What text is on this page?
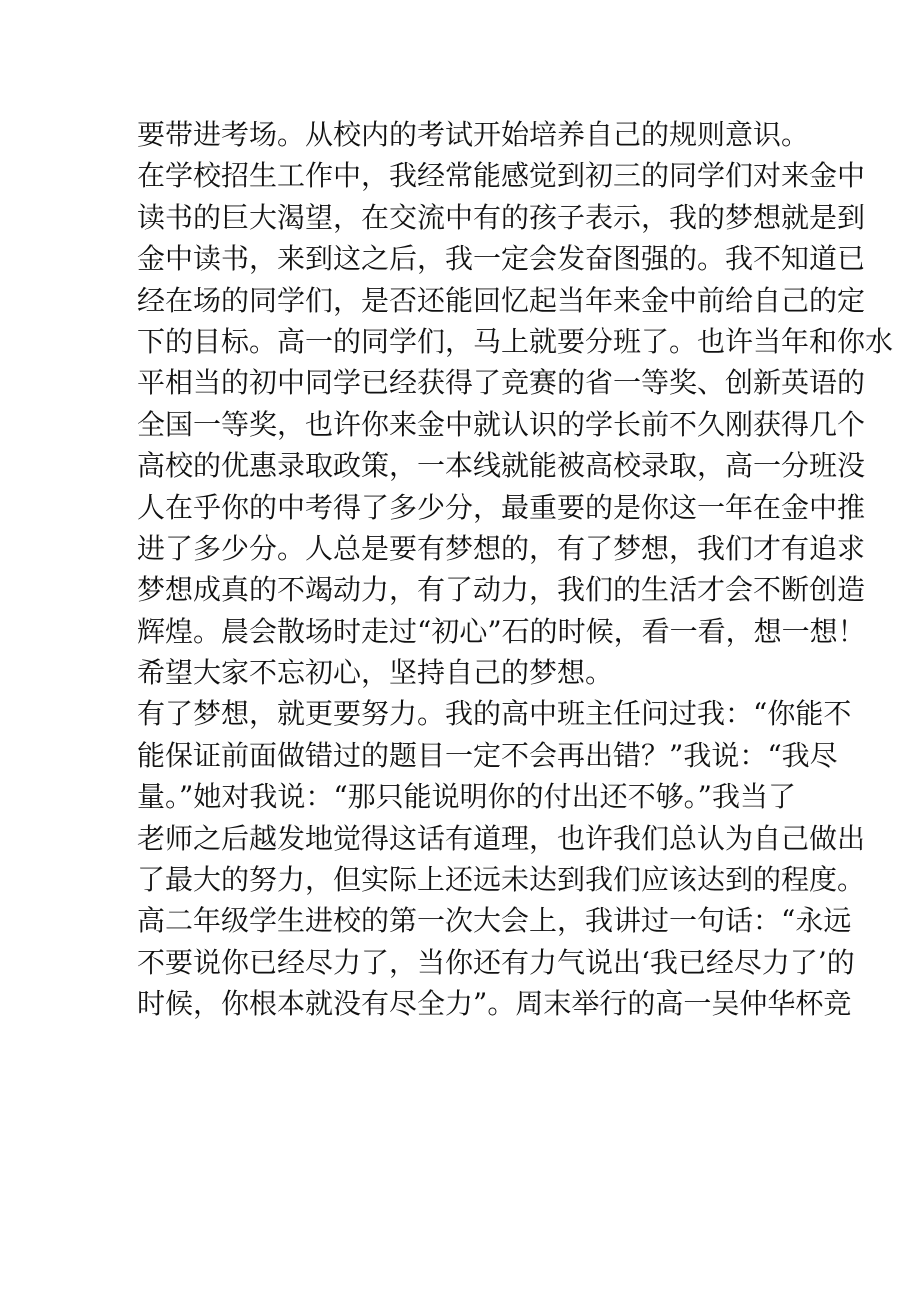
要带进考场。从校内的考试开始培养自己的规则意识。
在学校招生工作中，我经常能感觉到初三的同学们对来金中
读书的巨大渴望，在交流中有的孩子表示，我的梦想就是到
金中读书，来到这之后，我一定会发奋图强的。我不知道已
经在场的同学们，是否还能回忆起当年来金中前给自己的定
下的目标。高一的同学们，马上就要分班了。也许当年和你水
平相当的初中同学已经获得了竞赛的省一等奖、创新英语的
全国一等奖，也许你来金中就认识的学长前不久刚获得几个
高校的优惠录取政策，一本线就能被高校录取，高一分班没
人在乎你的中考得了多少分，最重要的是你这一年在金中推
进了多少分。人总是要有梦想的，有了梦想，我们才有追求
梦想成真的不竭动力，有了动力，我们的生活才会不断创造
辉煌。晨会散场时走过“初心”石的时候，看一看，想一想！
希望大家不忘初心，坚持自己的梦想。
有了梦想，就更要努力。我的高中班主任问过我：“你能不
能保证前面做错过的题目一定不会再出错？”我说：“我尽
量。”她对我说：“那只能说明你的付出还不够。”我当了
老师之后越发地觉得这话有道理，也许我们总认为自己做出
了最大的努力，但实际上还远未达到我们应该达到的程度。
高二年级学生进校的第一次大会上，我讲过一句话：“永远
不要说你已经尽力了，当你还有力气说出‘我已经尽力了’的
时候，你根本就没有尽全力”。周末举行的高一吴仲华杯竞
